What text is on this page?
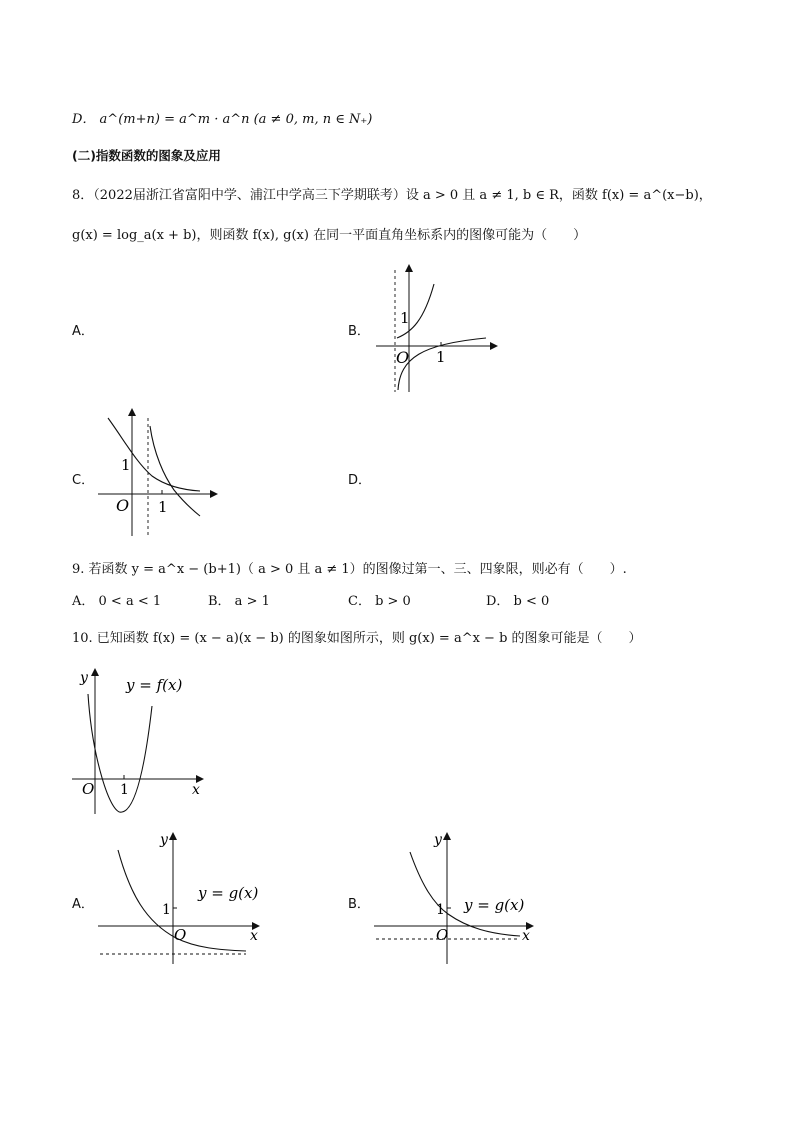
D． a^(m+n) = a^m · a^n (a ≠ 0, m, n ∈ N₊)
(二)指数函数的图象及应用
8．（2022届浙江省富阳中学、浦江中学高三下学期联考）设 a > 0 且 a ≠ 1, b ∈ R，函数 f(x) = a^(x−b)，
g(x) = log_a(x + b)，则函数 f(x), g(x) 在同一平面直角坐标系内的图像可能为（　　）
A．	B．
C．	D．
1
O 1
1
O 1
9. 若函数 y = a^x − (b+1)（ a > 0 且 a ≠ 1）的图像过第一、三、四象限，则必有（　　）.
A． 0 < a < 1	B． a > 1	C． b > 0	D． b < 0
10. 已知函数 f(x) = (x − a)(x − b) 的图象如图所示，则 g(x) = a^x − b 的图象可能是（　　）
y	y = f(x)
O 1	x
A．	B．
y
y = g(x)
1
O	x
y
y = g(x)
1
O	x
